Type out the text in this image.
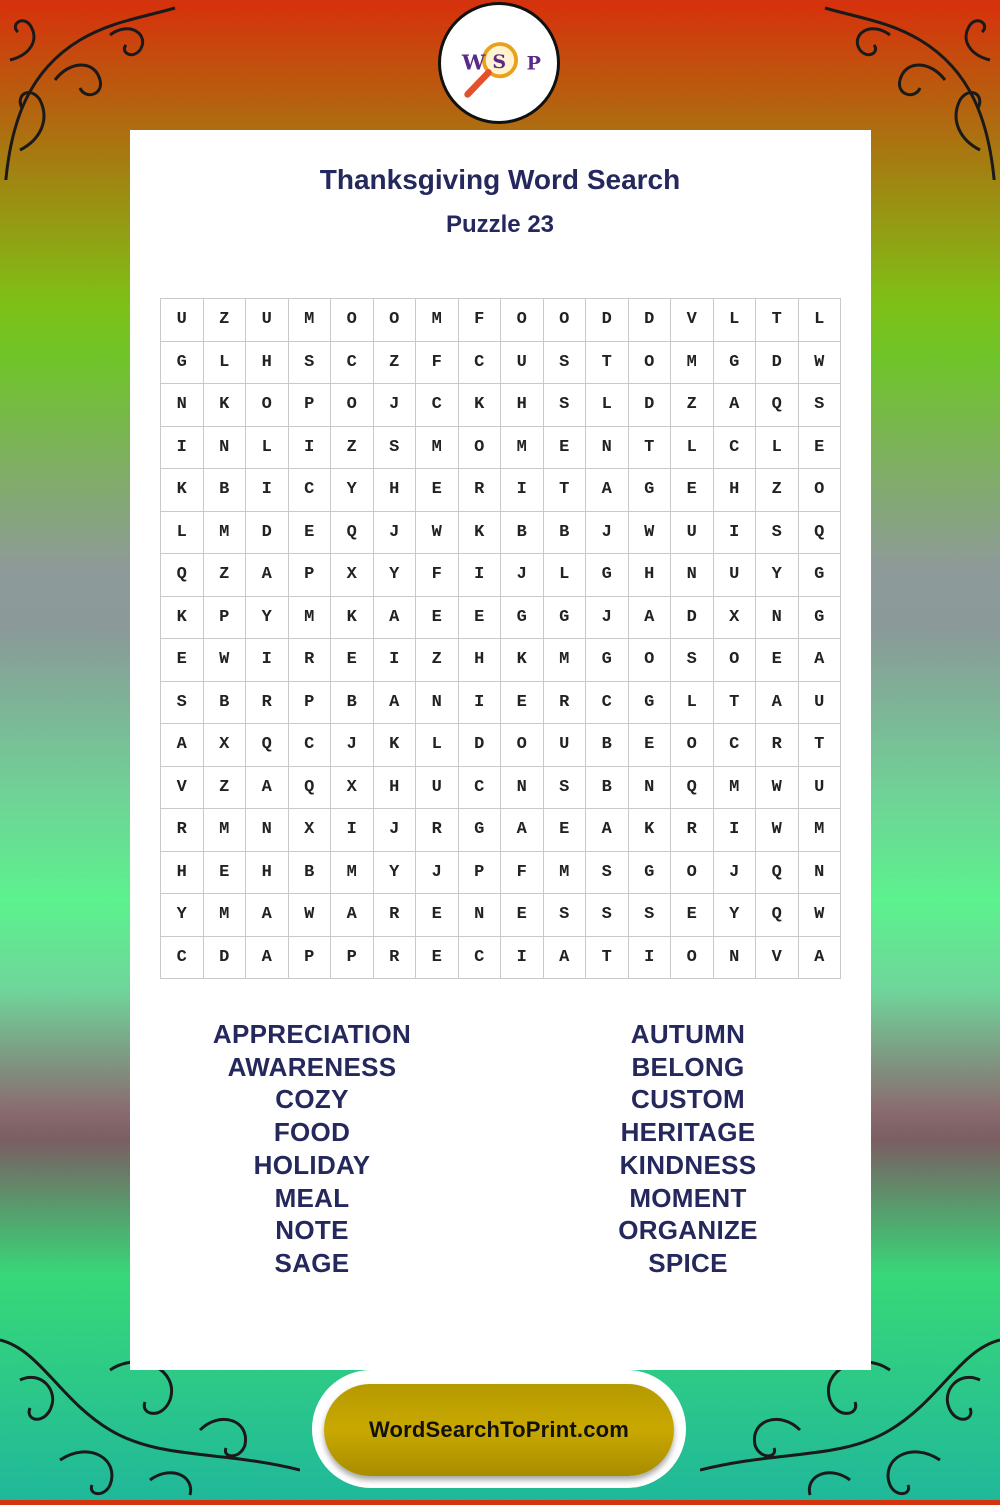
W S P
Thanksgiving Word Search
Puzzle 23
U	Z	U	M	O	O	M	F	O	O	D	D	V	L	T	L
G	L	H	S	C	Z	F	C	U	S	T	O	M	G	D	W
N	K	O	P	O	J	C	K	H	S	L	D	Z	A	Q	S
I	N	L	I	Z	S	M	O	M	E	N	T	L	C	L	E
K	B	I	C	Y	H	E	R	I	T	A	G	E	H	Z	O
L	M	D	E	Q	J	W	K	B	B	J	W	U	I	S	Q
Q	Z	A	P	X	Y	F	I	J	L	G	H	N	U	Y	G
K	P	Y	M	K	A	E	E	G	G	J	A	D	X	N	G
E	W	I	R	E	I	Z	H	K	M	G	O	S	O	E	A
S	B	R	P	B	A	N	I	E	R	C	G	L	T	A	U
A	X	Q	C	J	K	L	D	O	U	B	E	O	C	R	T
V	Z	A	Q	X	H	U	C	N	S	B	N	Q	M	W	U
R	M	N	X	I	J	R	G	A	E	A	K	R	I	W	M
H	E	H	B	M	Y	J	P	F	M	S	G	O	J	Q	N
Y	M	A	W	A	R	E	N	E	S	S	S	E	Y	Q	W
C	D	A	P	P	R	E	C	I	A	T	I	O	N	V	A
APPRECIATION
AWARENESS
COZY
FOOD
HOLIDAY
MEAL
NOTE
SAGE
AUTUMN
BELONG
CUSTOM
HERITAGE
KINDNESS
MOMENT
ORGANIZE
SPICE
WordSearchToPrint.com
